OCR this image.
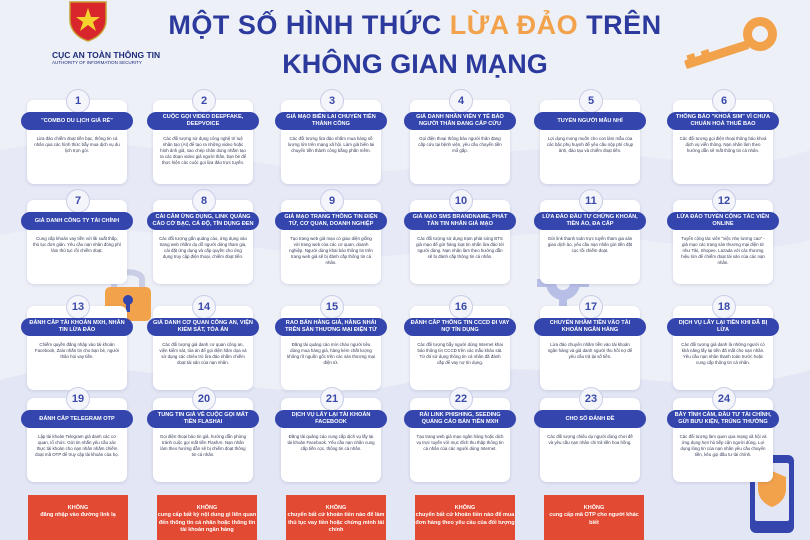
CỤC AN TOÀN THÔNG TIN
AUTHORITY OF INFORMATION SECURITY
MỘT SỐ HÌNH THỨC LỪA ĐẢO TRÊN
KHÔNG GIAN MẠNG
1
"COMBO DU LỊCH GIÁ RẺ"
Lừa đảo chiếm đoạt tiền bạc, thông tin cá nhân qua các hình thức bẫy mua dịch vụ du lịch trọn gói.
2
CUỘC GỌI VIDEO DEEPFAKE, DEEPVOICE
Các đối tượng sử dụng công nghệ trí tuệ nhân tạo (AI) để tạo ra những video hoặc hình ảnh giả, sao chép chân dung nhằm tạo ra các đoạn video giả người thân, bạn bè để thực hiện các cuộc gọi lừa đảo trực tuyến.
3
GIẢ MẠO BIÊN LAI CHUYỂN TIỀN THÀNH CÔNG
Các đối tượng lừa đảo nhắm mua hàng số lượng lớn trên mạng xã hội. Làm giả biên lai chuyển tiền thành công bằng phần mềm.
4
GIẢ DANH NHÂN VIÊN Y TẾ BÁO NGƯỜI THÂN ĐANG CẤP CỨU
Gọi điện thoại thông báo người thân đang cấp cứu tại bệnh viện, yêu cầu chuyển tiền mổ gấp.
5
TUYỂN NGƯỜI MẪU NHÍ
Lợi dụng mong muốn cho con làm mẫu của các bậc phụ huynh để yêu cầu nộp phí chụp ảnh, đào tạo và chiếm đoạt tiền.
6
THÔNG BÁO "KHOÁ SIM" VÌ CHƯA CHUẨN HOÁ THUÊ BAO
Các đối tượng gọi điện thoại thông báo khoá dịch vụ viễn thông. Nạn nhân làm theo hướng dẫn sẽ mất thông tin cá nhân.
7
GIẢ DANH CÔNG TY TÀI CHÍNH
Cung cấp khoản vay tiền với lãi suất thấp, thủ tục đơn giản. Yêu cầu nạn nhân đóng phí làm thủ tục rồi chiếm đoạt.
8
CÀI CẮM ỨNG DỤNG, LINK QUẢNG CÁO CỜ BẠC, CÁ ĐỘ, TÍN DỤNG ĐEN
Các đối tượng gắn quảng cáo, ứng dụng vào trang web nhằm dụ dỗ người dùng tham gia, cài đặt ứng dụng và cấp quyền cho ứng dụng truy cập điện thoại, chiếm đoạt tiền.
9
GIẢ MẠO TRANG THÔNG TIN ĐIỆN TỬ, CƠ QUAN, DOANH NGHIỆP
Tạo trang web giả mạo có giao diện giống với trang web của các cơ quan, doanh nghiệp. Người dùng khai báo thông tin trên trang web giả sẽ bị đánh cắp thông tin cá nhân.
10
GIẢ MẠO SMS BRANDNAME, PHÁT TÁN TIN NHẮN GIẢ MẠO
Các đối tượng sử dụng trạm phát sóng BTS giả mạo để gửi hàng loạt tin nhắn lừa đảo tới người dùng. Nạn nhân làm theo hướng dẫn sẽ bị đánh cắp thông tin cá nhân.
11
LỪA ĐẢO ĐẦU TƯ CHỨNG KHOÁN, TIỀN ẢO, ĐA CẤP
Gửi link thanh toán trực tuyến tham gia sàn giao dịch ảo, yêu cầu nạn nhân gửi tiền đặt cọc rồi chiếm đoạt.
12
LỪA ĐẢO TUYỂN CỘNG TÁC VIÊN ONLINE
Tuyển cộng tác viên "việc nhẹ lương cao" - giả mạo các trang sàn thương mại điện tử như Tiki, Shopee, Lazada với các thương hiệu lớn để chiếm đoạt tài sản của các nạn nhân.
13
ĐÁNH CẮP TÀI KHOẢN MXH, NHẮN TIN LỪA ĐẢO
Chiếm quyền đăng nhập vào tài khoản Facebook, Zalo nhắn tin cho bạn bè, người thân hỏi vay tiền.
14
GIẢ DANH CƠ QUAN CÔNG AN, VIỆN KIỂM SÁT, TÒA ÁN
Các đối tượng giả danh cơ quan công an, viện kiểm sát, tòa án để gọi điện hăm dọa và sử dụng các chiêu trò lừa đảo nhằm chiếm đoạt tài sản của nạn nhân.
15
RAO BÁN HÀNG GIẢ, HÀNG NHÁI TRÊN SÀN THƯƠNG MẠI ĐIỆN TỬ
Đăng tải quảng cáo mời chào người tiêu dùng mua hàng giá, hàng kém chất lượng không rõ nguồn gốc trên các sàn thương mại điện tử.
16
ĐÁNH CẮP THÔNG TIN CCCD ĐI VAY NỢ TÍN DỤNG
Các đối tượng bẫy người dùng Internet khai báo thông tin CCCD trên các mẫu khảo sát. Từ đó sử dụng thông tin cá nhân đã đánh cắp để vay nợ tín dụng.
17
CHUYỂN NHẦM TIỀN VÀO TÀI KHOẢN NGÂN HÀNG
Lừa đảo chuyển nhầm tiền vào tài khoản ngân hàng và giả danh người thu hồi nợ để yêu cầu trả lại số tiền.
18
DỊCH VỤ LẤY LẠI TIỀN KHI ĐÃ BỊ LỪA
Các đối tượng giả danh là những người có khả năng lấy lại tiền đã mất cho nạn nhân. Yêu cầu nạn nhân thanh toán trước hoặc cung cấp thông tin cá nhân.
19
ĐÁNH CẮP TELEGRAM OTP
Lập tài khoản Telegram giả danh các cơ quan, tổ chức. Gửi tin nhắn yêu cầu xác thực tài khoản cho nạn nhân nhằm chiếm đoạt mã OTP để truy cập tài khoản của họ.
20
TUNG TIN GIẢ VỀ CUỘC GỌI MẤT TIỀN FLASHAI
Gọi điện thoại báo tin giả, hướng dẫn phòng tránh cuộc gọi mất tiền FlashAI. Nạn nhân làm theo hướng dẫn sẽ bị chiếm đoạt thông tin cá nhân.
21
DỊCH VỤ LẤY LẠI TÀI KHOẢN FACEBOOK
Đăng tải quảng cáo cung cấp dịch vụ lấy lại tài khoản Facebook. Yêu cầu nạn nhân cung cấp tiền cọc, thông tin cá nhân.
22
RẢI LINK PHISHING, SEEDING QUẢNG CÁO BÁN TIỀN MXH
Tạo trang web giả mạo ngân hàng hoặc dịch vụ trực tuyến với mục đích thu thập thông tin cá nhân của các người dùng Internet.
23
CHO SỐ ĐÁNH ĐỀ
Các đối tượng chiêu dụ người dùng chơi đề và yêu cầu nạn nhân chi trả tiền hoa hồng.
24
BẪY TÌNH CẢM, ĐẦU TƯ TÀI CHÍNH, GỬI BƯU KIỆN, TRÚNG THƯỞNG
Các đối tượng làm quen qua mạng xã hội và ứng dụng hẹn hò tiếp cận người dùng. Lợi dụng lòng tin của nạn nhân yêu cầu chuyển tiền, kêu gọi đầu tư tài chính.
KHÔNG
đăng nhập vào đường link lạ
KHÔNG
cung cấp bất kỳ nội dung gì liên quan đến thông tin cá nhân hoặc thông tin tài khoản ngân hàng
KHÔNG
chuyển bất cứ khoản tiền nào để làm thủ tục vay tiền hoặc chứng minh tài chính
KHÔNG
chuyển bất cứ khoản tiền nào để mua đơn hàng theo yêu cầu của đối tượng
KHÔNG
cung cấp mã OTP cho người khác biết
